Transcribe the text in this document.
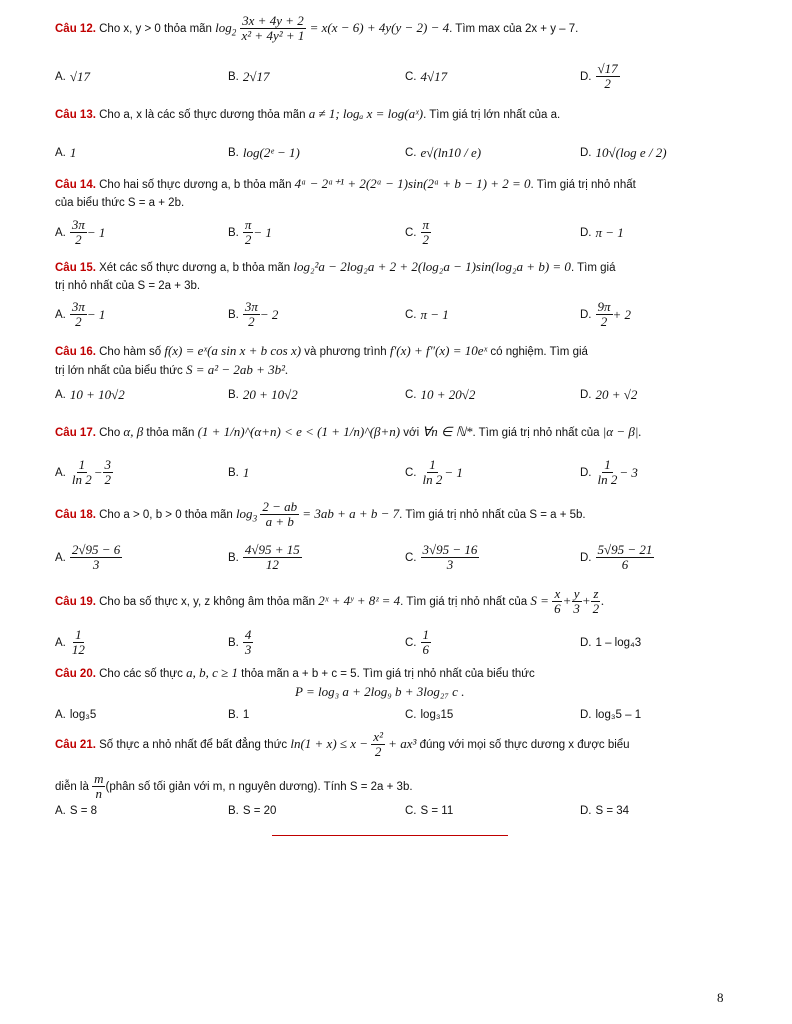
Câu 12. Cho x, y > 0 thỏa mãn $\log_2 \frac{3x + 4y + 2}{\text{x² + 4y² + 1}} = x(x - 6) + 4y(y - 2) - 4$. Tìm max của 2x + y – 7.
A. √17	B. 2√17	C. 4√17	D. $\frac{√17}{2}$
Câu 13. Cho a, x là các số thực dương thỏa mãn a ≠ 1; logₐ x = log(aˣ). Tìm giá trị lớn nhất của a.
A. 1	B. log(2ᵉ − 1)	C. e √(ln10 / e)	D. 10 √(log e / 2)
Câu 14. Cho hai số thực dương a, b thỏa mãn 4ᵃ − 2ᵃ⁺¹ + 2(2ᵃ − 1)sin(2ᵃ + b − 1) + 2 = 0. Tìm giá trị nhỏ nhất
của biểu thức S = a + 2b.
A. $\frac{3\pi}{2} - 1$	B. $\frac{\pi}{2} - 1$	C. $\frac{\pi}{2}$	D. π − 1
Câu 15. Xét các số thực dương a, b thỏa mãn log₂²a − 2log₂a + 2 + 2(log₂a − 1)sin(log₂a + b) = 0. Tìm giá
trị nhỏ nhất của S = 2a + 3b.
A. $\frac{3\pi}{2} - 1$	B. $\frac{3\pi}{2} - 2$	C. π − 1	D. $\frac{9\pi}{2} + 2$
Câu 16. Cho hàm số f(x) = eˣ(a sin x + b cos x) và phương trình f′(x) + f″(x) = 10eˣ có nghiệm. Tìm giá
trị lớn nhất của biểu thức S = a² − 2ab + 3b².
A. 10 + 10√2	B. 20 + 10√2	C. 10 + 20√2	D. 20 + √2
Câu 17. Cho α, β thỏa mãn (1 + 1/n)^(α+n) < e < (1 + 1/n)^(β+n) với ∀n ∈ ℕ*. Tìm giá trị nhỏ nhất của |α − β|.
A. $\frac{1}{\ln 2} - \frac{3}{2}$	B. 1	C. $\frac{1}{\ln 2} - 1$	D. $\frac{1}{\ln 2} - 3$
Câu 18. Cho a > 0, b > 0 thỏa mãn $\log_3 \frac{2 - ab}{a + b} = 3ab + a + b - 7$. Tìm giá trị nhỏ nhất của S = a + 5b.
A. $\frac{2√95 - 6}{3}$	B. $\frac{4√95 + 15}{12}$	C. $\frac{3√95 - 16}{3}$	D. $\frac{5√95 - 21}{6}$
Câu 19. Cho ba số thực x, y, z không âm thỏa mãn 2ˣ + 4ʸ + 8ᶻ = 4. Tìm giá trị nhỏ nhất của $S = \frac{x}{6} + \frac{y}{3} + \frac{z}{2}$ .
A. $\frac{1}{12}$	B. $\frac{4}{3}$	C. $\frac{1}{6}$	D. 1 – log₄3
Câu 20. Cho các số thực a, b, c ≥ 1 thỏa mãn a + b + c = 5. Tìm giá trị nhỏ nhất của biểu thức
P = log₃ a + 2log₉ b + 3log₂₇ c .
A. log₃5	B. 1	C. log₃15	D. log₃5 – 1
Câu 21. Số thực a nhỏ nhất để bất đẳng thức $\ln(1 + x) \le x - \frac{\text{x²}}{2} + ax^3$ đúng với mọi số thực dương x được biểu
diễn là $\frac{m}{n}$ (phân số tối giản với m, n nguyên dương). Tính S = 2a + 3b.
A. S = 8	B. S = 20	C. S = 11	D. S = 34
8
